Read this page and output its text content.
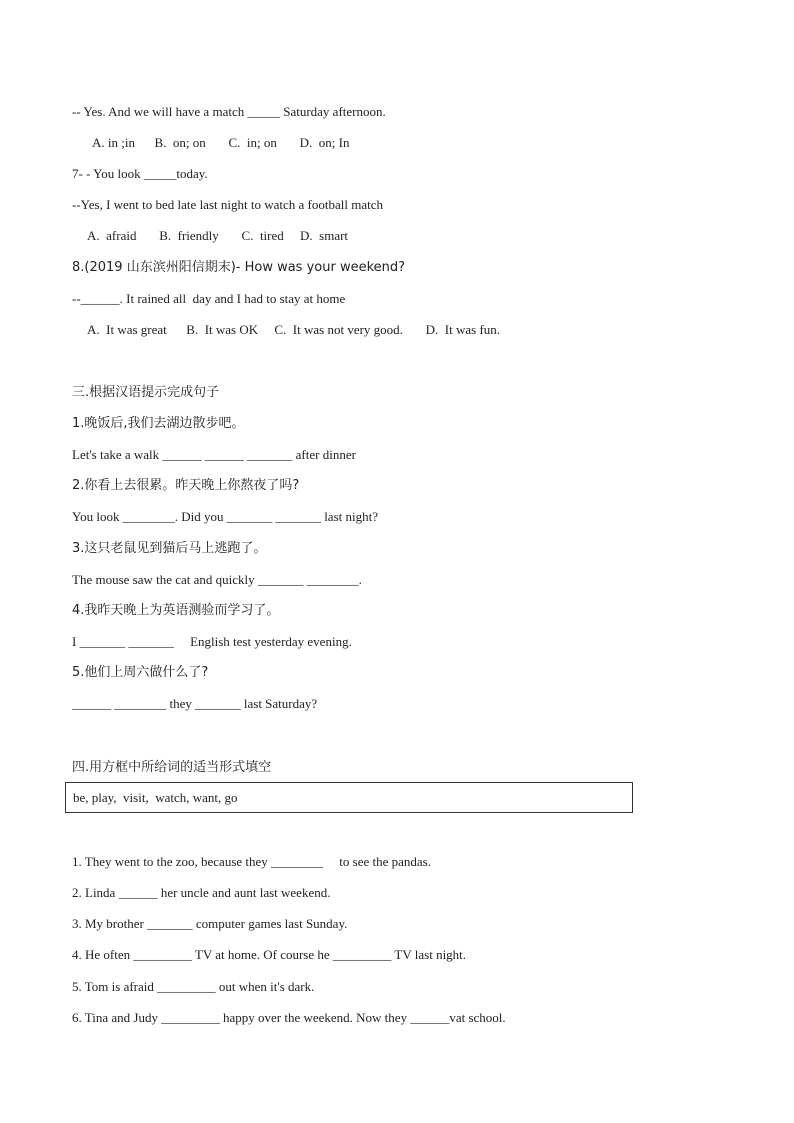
-- Yes. And we will have a match _____ Saturday afternoon.

A. in ;in      B.  on; on       C.  in; on       D.  on; In

7- - You look _____today.

--Yes, I went to bed late last night to watch a football match

A.  afraid       B.  friendly       C.  tired     D.  smart

8.(2019 山东滨州阳信期末)- How was your weekend?

--______. It rained all  day and I had to stay at home

A.  It was great      B.  It was OK     C.  It was not very good.       D.  It was fun.

三.根据汉语提示完成句子

1.晚饭后,我们去湖边散步吧。

Let's take a walk ______ ______ _______ after dinner

2.你看上去很累。昨天晚上你熬夜了吗?

You look ________. Did you _______ _______ last night?

3.这只老鼠见到猫后马上逃跑了。

The mouse saw the cat and quickly _______ ________.

4.我昨天晚上为英语测验而学习了。

I _______ _______     English test yesterday evening.

5.他们上周六做什么了?

______ ________ they _______ last Saturday?

四.用方框中所给词的适当形式填空

be, play,  visit,  watch, want, go

1. They went to the zoo, because they ________     to see the pandas.

2. Linda ______ her uncle and aunt last weekend.

3. My brother _______ computer games last Sunday.

4. He often _________ TV at home. Of course he _________ TV last night.

5. Tom is afraid _________ out when it's dark.

6. Tina and Judy _________ happy over the weekend. Now they ______vat school.
